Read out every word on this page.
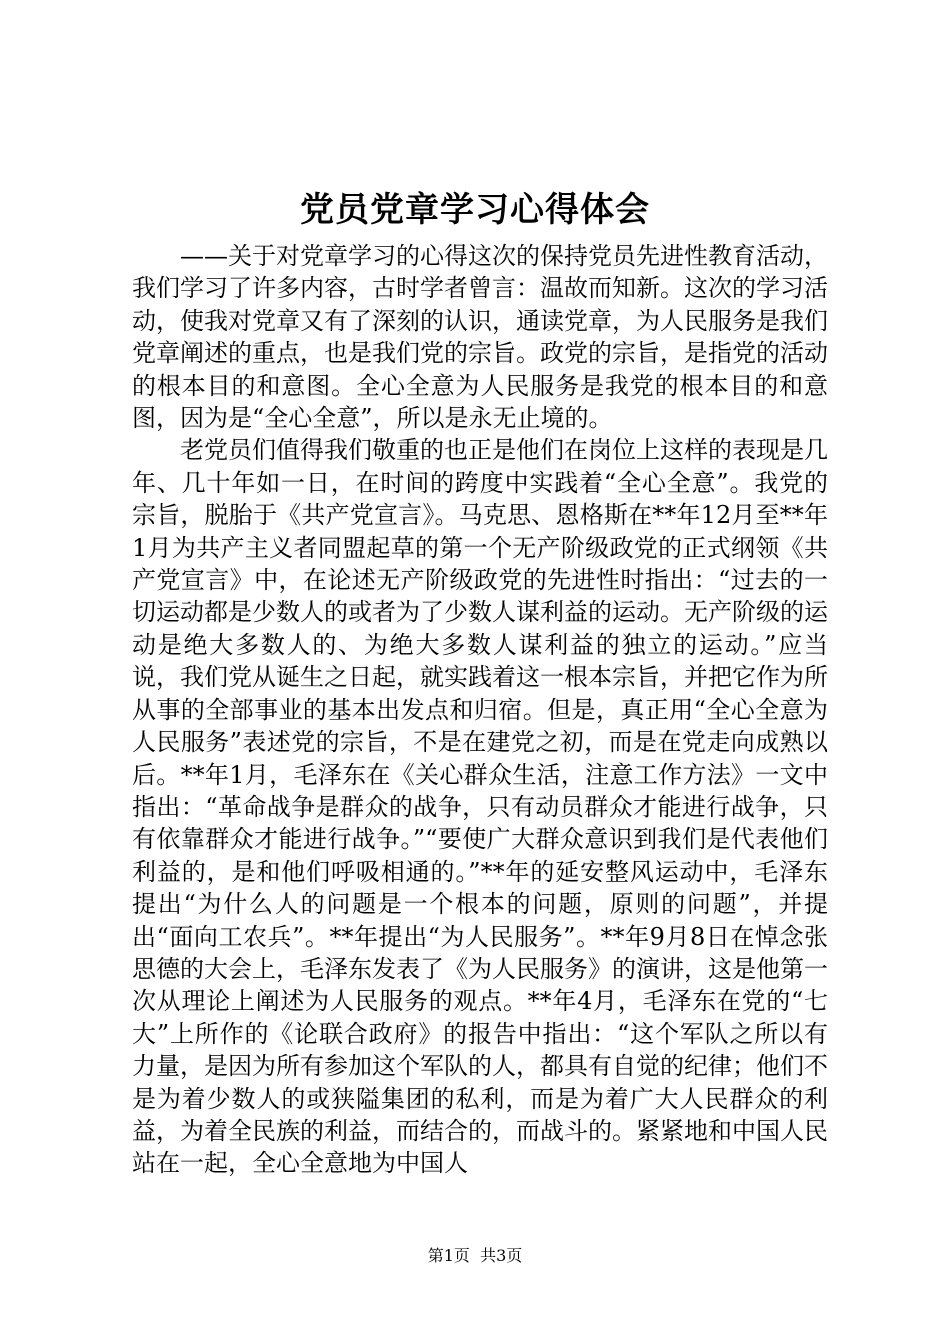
党员党章学习心得体会

——关于对党章学习的心得这次的保持党员先进性教育活动，我们学习了许多内容，古时学者曾言：温故而知新。这次的学习活动，使我对党章又有了深刻的认识，通读党章，为人民服务是我们党章阐述的重点，也是我们党的宗旨。政党的宗旨，是指党的活动的根本目的和意图。全心全意为人民服务是我党的根本目的和意图，因为是“全心全意”，所以是永无止境的。

老党员们值得我们敬重的也正是他们在岗位上这样的表现是几年、几十年如一日，在时间的跨度中实践着“全心全意”。我党的宗旨，脱胎于《共产党宣言》。马克思、恩格斯在**年12月至**年1月为共产主义者同盟起草的第一个无产阶级政党的正式纲领《共产党宣言》中，在论述无产阶级政党的先进性时指出：“过去的一切运动都是少数人的或者为了少数人谋利益的运动。无产阶级的运动是绝大多数人的、为绝大多数人谋利益的独立的运动。”应当说，我们党从诞生之日起，就实践着这一根本宗旨，并把它作为所从事的全部事业的基本出发点和归宿。但是，真正用“全心全意为人民服务”表述党的宗旨，不是在建党之初，而是在党走向成熟以后。**年1月，毛泽东在《关心群众生活，注意工作方法》一文中指出：“革命战争是群众的战争，只有动员群众才能进行战争，只有依靠群众才能进行战争。”“要使广大群众意识到我们是代表他们利益的，是和他们呼吸相通的。”**年的延安整风运动中，毛泽东提出“为什么人的问题是一个根本的问题，原则的问题”，并提出“面向工农兵”。**年提出“为人民服务”。**年9月8日在悼念张思德的大会上，毛泽东发表了《为人民服务》的演讲，这是他第一次从理论上阐述为人民服务的观点。**年4月，毛泽东在党的“七大”上所作的《论联合政府》的报告中指出：“这个军队之所以有力量，是因为所有参加这个军队的人，都具有自觉的纪律；他们不是为着少数人的或狭隘集团的私利，而是为着广大人民群众的利益，为着全民族的利益，而结合的，而战斗的。紧紧地和中国人民站在一起，全心全意地为中国人

第1页 共3页
